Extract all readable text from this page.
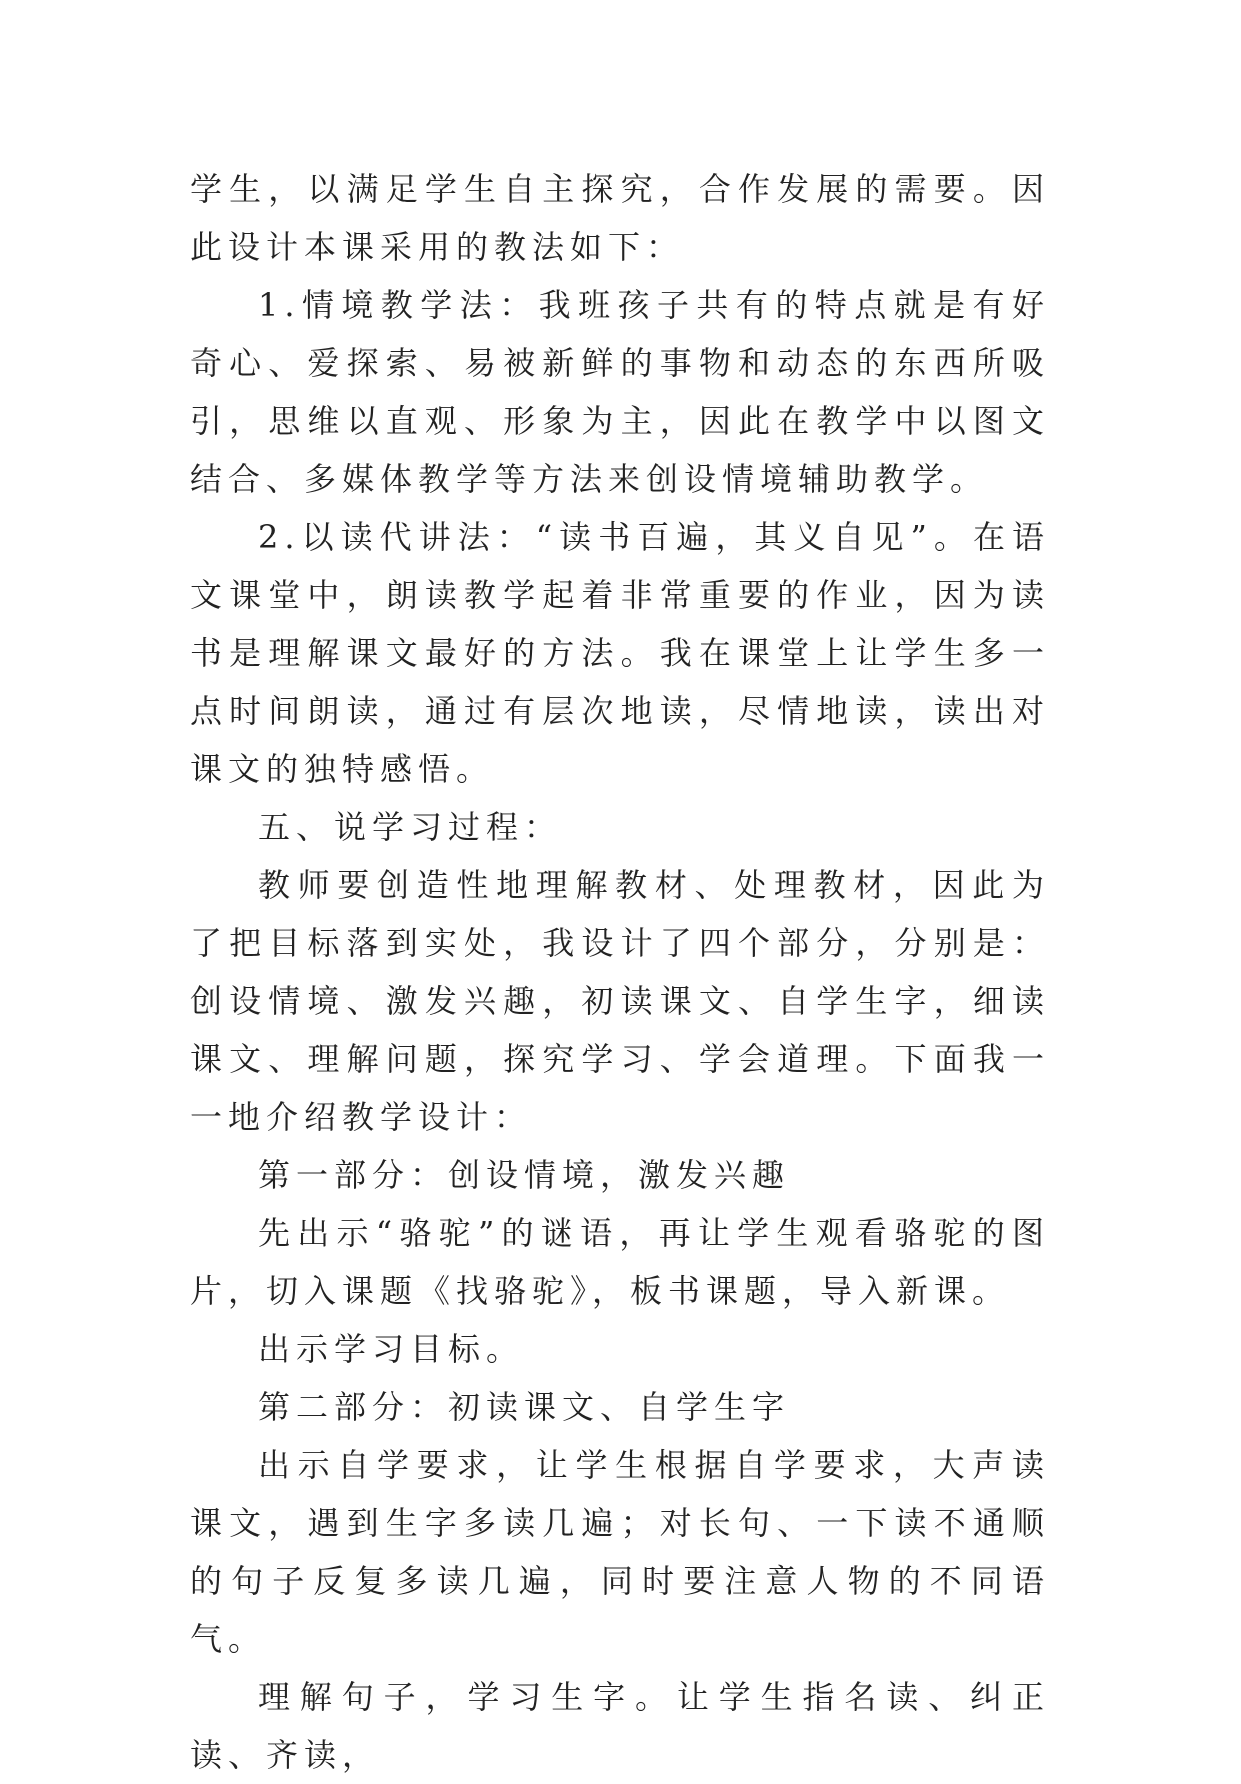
学生，以满足学生自主探究，合作发展的需要。因此设计本课采用的教法如下：

1.情境教学法：我班孩子共有的特点就是有好奇心、爱探索、易被新鲜的事物和动态的东西所吸引，思维以直观、形象为主，因此在教学中以图文结合、多媒体教学等方法来创设情境辅助教学。

2.以读代讲法：“读书百遍，其义自见”。在语文课堂中，朗读教学起着非常重要的作业，因为读书是理解课文最好的方法。我在课堂上让学生多一点时间朗读，通过有层次地读，尽情地读，读出对课文的独特感悟。

五、说学习过程：

教师要创造性地理解教材、处理教材，因此为了把目标落到实处，我设计了四个部分，分别是：创设情境、激发兴趣，初读课文、自学生字，细读课文、理解问题，探究学习、学会道理。下面我一一地介绍教学设计：

第一部分：创设情境，激发兴趣

先出示“骆驼”的谜语，再让学生观看骆驼的图片，切入课题《找骆驼》，板书课题，导入新课。

出示学习目标。

第二部分：初读课文、自学生字

出示自学要求，让学生根据自学要求，大声读课文，遇到生字多读几遍；对长句、一下读不通顺的句子反复多读几遍，同时要注意人物的不同语气。

理解句子，学习生字。让学生指名读、纠正读、齐读，
